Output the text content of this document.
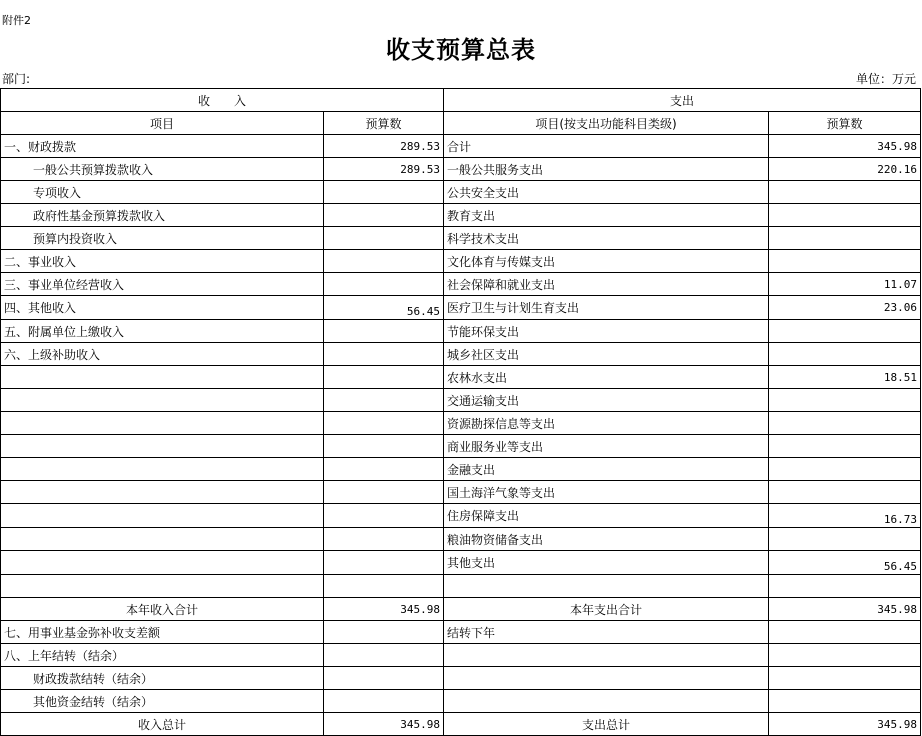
附件2
收支预算总表
部门:	单位：万元
收　　入		支出	
项目	预算数	项目(按支出功能科目类级)	预算数
一、财政拨款	289.53	合计	345.98
一般公共预算拨款收入	289.53	一般公共服务支出	220.16
专项收入		公共安全支出	
政府性基金预算拨款收入		教育支出	
预算内投资收入		科学技术支出	
二、事业收入		文化体育与传媒支出	
三、事业单位经营收入		社会保障和就业支出	11.07
四、其他收入	56.45	医疗卫生与计划生育支出	23.06
五、附属单位上缴收入		节能环保支出	
六、上级补助收入		城乡社区支出	
		农林水支出	18.51
		交通运输支出	
		资源勘探信息等支出	
		商业服务业等支出	
		金融支出	
		国土海洋气象等支出	
		住房保障支出	16.73
		粮油物资储备支出	
		其他支出	56.45

本年收入合计	345.98	本年支出合计	345.98
七、用事业基金弥补收支差额		结转下年	
八、上年结转（结余）			
财政拨款结转（结余）			
其他资金结转（结余）			
收入总计	345.98	支出总计	345.98
